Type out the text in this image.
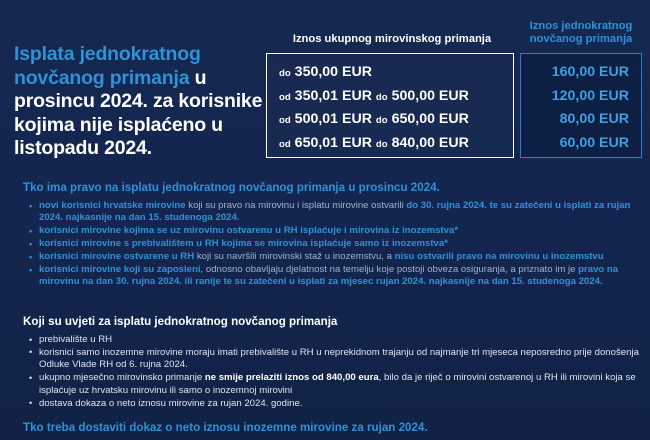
Isplata jednokratnog novčanog primanja u prosincu 2024. za korisnike kojima nije isplaćeno u listopadu 2024.
Iznos ukupnog mirovinskog primanja
Iznos jednokratnog novčanog primanja
do 350,00 EUR
od 350,01 EUR do 500,00 EUR
od 500,01 EUR do 650,00 EUR
od 650,01 EUR do 840,00 EUR
160,00 EUR
120,00 EUR
80,00 EUR
60,00 EUR
Tko ima pravo na isplatu jednokratnog novčanog primanja u prosincu 2024.
• novi korisnici hrvatske mirovine koji su pravo na mirovinu i isplatu mirovine ostvarili do 30. rujna 2024. te su zatečeni u isplati za rujan 2024. najkasnije na dan 15. studenoga 2024.
• korisnici mirovine kojima se uz mirovinu ostvarenu u RH isplaćuje i mirovina iz inozemstva*
• korisnici mirovine s prebivalištem u RH kojima se mirovina isplaćuje samo iz inozemstva*
• korisnici mirovine ostvarene u RH koji su navršili mirovinski staž u inozemstvu, a nisu ostvarili pravo na mirovinu u inozemstvu
• korisnici mirovine koji su zaposleni, odnosno obavljaju djelatnost na temelju koje postoji obveza osiguranja, a priznato im je pravo na mirovinu na dan 30. rujna 2024. ili ranije te su zatečeni u isplati za mjesec rujan 2024. najkasnije na dan 15. studenoga 2024.
Koji su uvjeti za isplatu jednokratnog novčanog primanja
• prebivalište u RH
• korisnici samo inozemne mirovine moraju imati prebivalište u RH u neprekidnom trajanju od najmanje tri mjeseca neposredno prije donošenja Odluke Vlade RH od 6. rujna 2024.
• ukupno mjesečno mirovinsko primanje ne smije prelaziti iznos od 840,00 eura, bilo da je riječ o mirovini ostvarenoj u RH ili mirovini koja se isplaćuje uz hrvatsku mirovinu ili samo o inozemnoj mirovini
• dostava dokaza o neto iznosu mirovine za rujan 2024. godine.
Tko treba dostaviti dokaz o neto iznosu inozemne mirovine za rujan 2024.
